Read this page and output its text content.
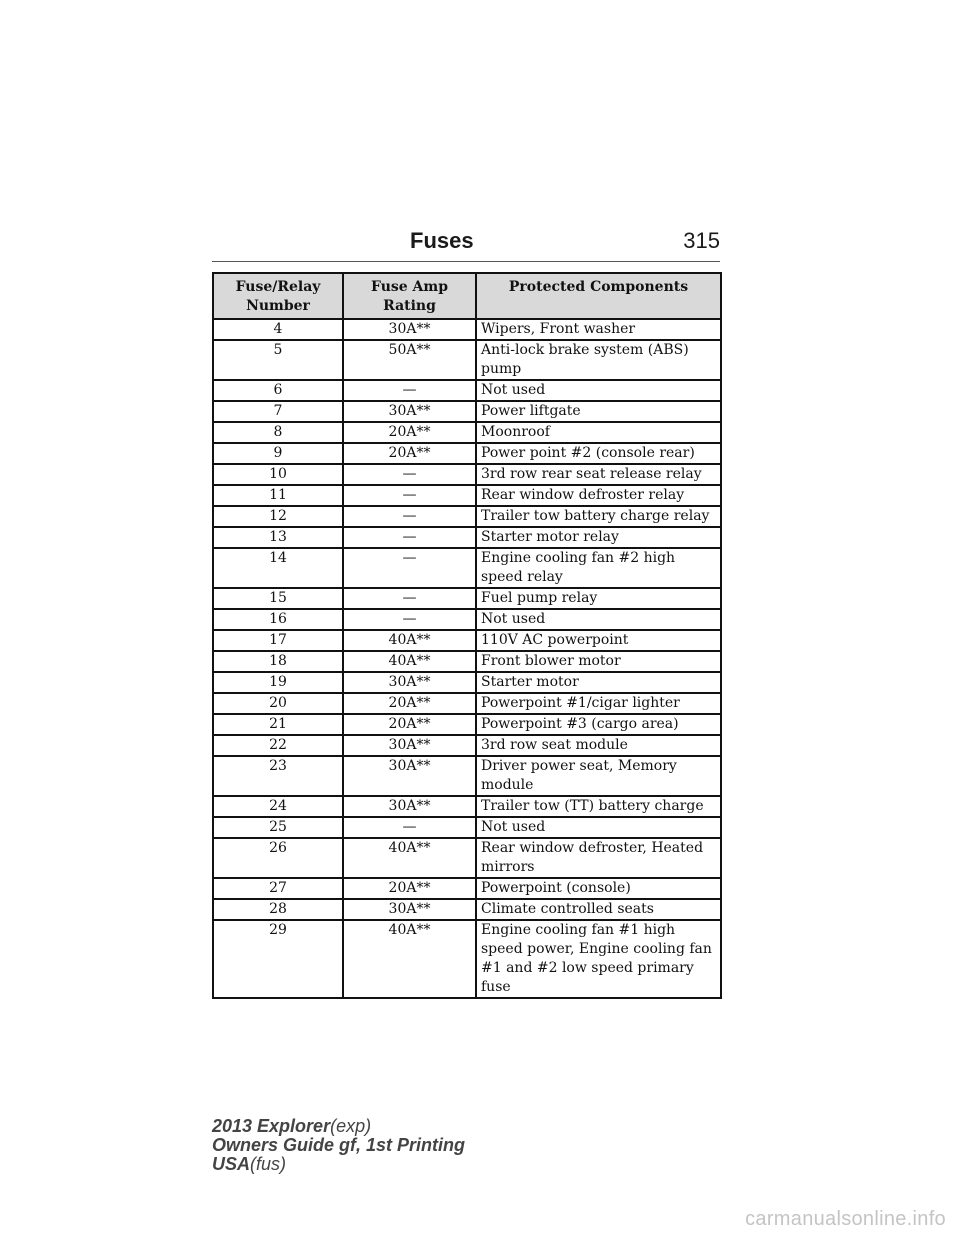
Fuses	315
Fuse/Relay Number	Fuse Amp Rating	Protected Components
4	30A**	Wipers, Front washer
5	50A**	Anti-lock brake system (ABS) pump
6	—	Not used
7	30A**	Power liftgate
8	20A**	Moonroof
9	20A**	Power point #2 (console rear)
10	—	3rd row rear seat release relay
11	—	Rear window defroster relay
12	—	Trailer tow battery charge relay
13	—	Starter motor relay
14	—	Engine cooling fan #2 high speed relay
15	—	Fuel pump relay
16	—	Not used
17	40A**	110V AC powerpoint
18	40A**	Front blower motor
19	30A**	Starter motor
20	20A**	Powerpoint #1/cigar lighter
21	20A**	Powerpoint #3 (cargo area)
22	30A**	3rd row seat module
23	30A**	Driver power seat, Memory module
24	30A**	Trailer tow (TT) battery charge
25	—	Not used
26	40A**	Rear window defroster, Heated mirrors
27	20A**	Powerpoint (console)
28	30A**	Climate controlled seats
29	40A**	Engine cooling fan #1 high speed power, Engine cooling fan #1 and #2 low speed primary fuse
2013 Explorer(exp)
Owners Guide gf, 1st Printing
USA(fus)
carmanualsonline.info
